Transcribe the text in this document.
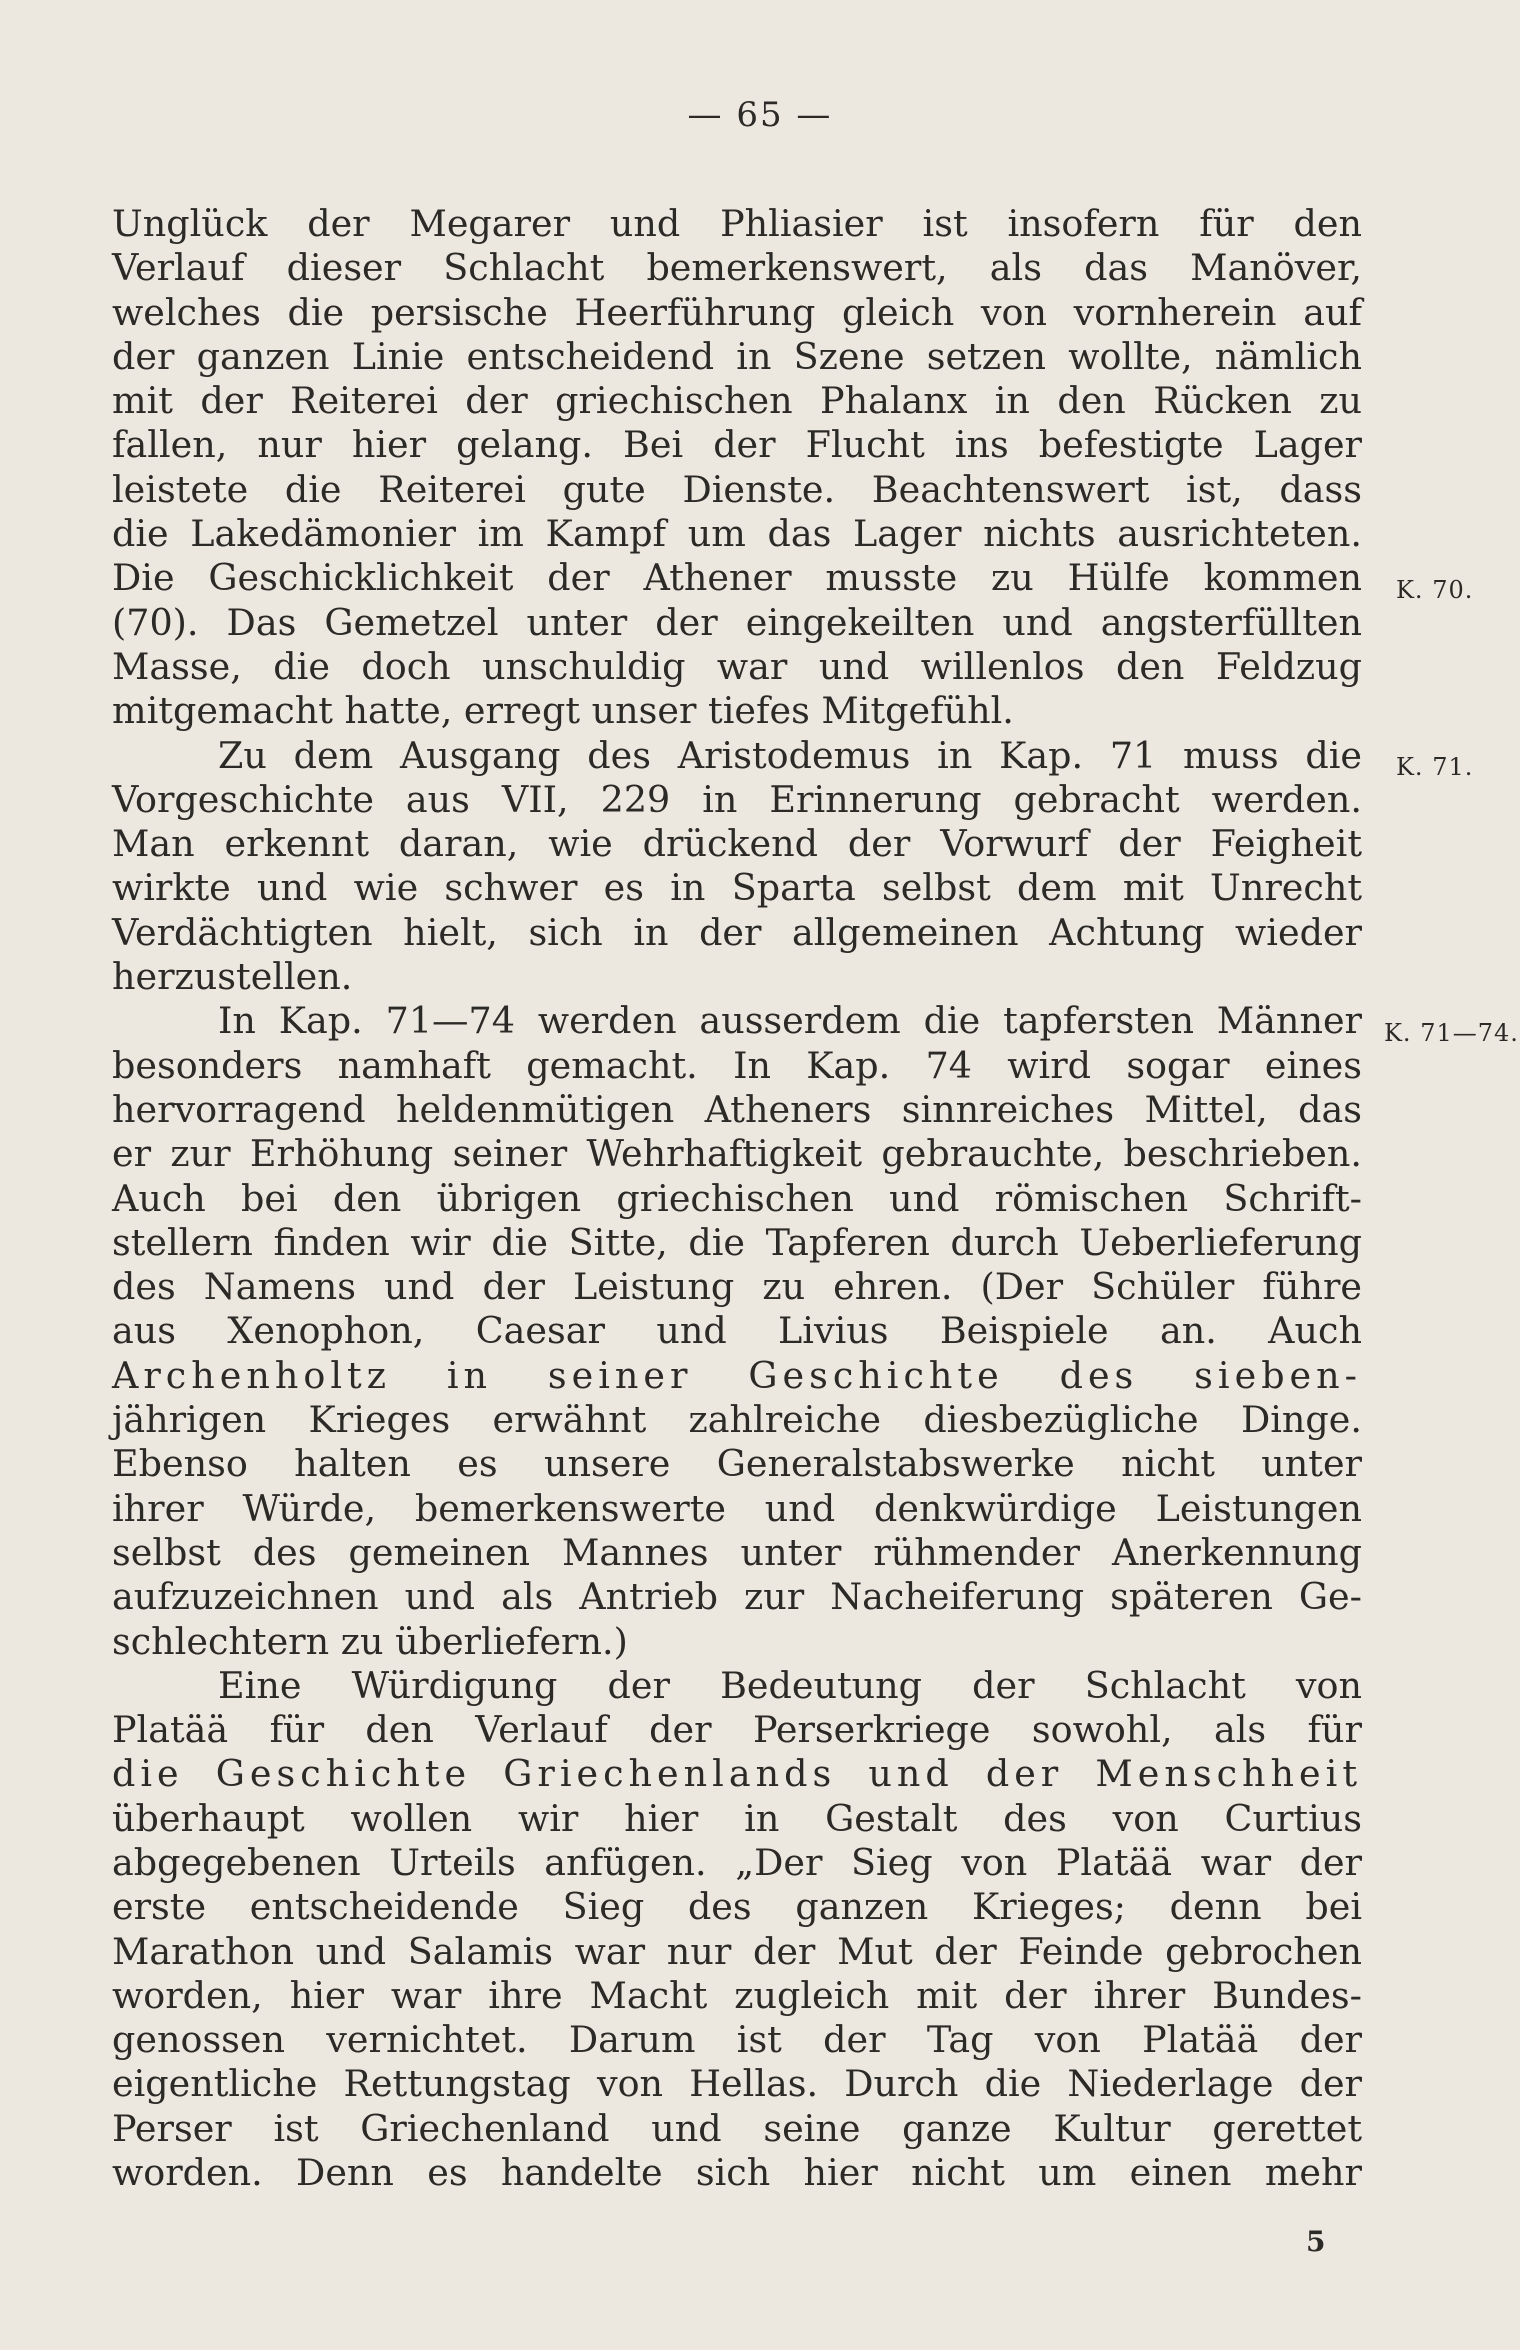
— 65 —
Unglück der Megarer und Phliasier ist insofern für den
Verlauf dieser Schlacht bemerkenswert, als das Manöver,
welches die persische Heerführung gleich von vornherein auf
der ganzen Linie entscheidend in Szene setzen wollte, nämlich
mit der Reiterei der griechischen Phalanx in den Rücken zu
fallen, nur hier gelang. Bei der Flucht ins befestigte Lager
leistete die Reiterei gute Dienste. Beachtenswert ist, dass
die Lakedämonier im Kampf um das Lager nichts ausrichteten.
Die Geschicklichkeit der Athener musste zu Hülfe kommen
(70). Das Gemetzel unter der eingekeilten und angsterfüllten
Masse, die doch unschuldig war und willenlos den Feldzug
mitgemacht hatte, erregt unser tiefes Mitgefühl.
Zu dem Ausgang des Aristodemus in Kap. 71 muss die
Vorgeschichte aus VII, 229 in Erinnerung gebracht werden.
Man erkennt daran, wie drückend der Vorwurf der Feigheit
wirkte und wie schwer es in Sparta selbst dem mit Unrecht
Verdächtigten hielt, sich in der allgemeinen Achtung wieder
herzustellen.
In Kap. 71—74 werden ausserdem die tapfersten Männer
besonders namhaft gemacht. In Kap. 74 wird sogar eines
hervorragend heldenmütigen Atheners sinnreiches Mittel, das
er zur Erhöhung seiner Wehrhaftigkeit gebrauchte, beschrieben.
Auch bei den übrigen griechischen und römischen Schrift-
stellern finden wir die Sitte, die Tapferen durch Ueberlieferung
des Namens und der Leistung zu ehren. (Der Schüler führe
aus Xenophon, Caesar und Livius Beispiele an. Auch
Archenholtz in seiner Geschichte des sieben-
jährigen Krieges erwähnt zahlreiche diesbezügliche Dinge.
Ebenso halten es unsere Generalstabswerke nicht unter
ihrer Würde, bemerkenswerte und denkwürdige Leistungen
selbst des gemeinen Mannes unter rühmender Anerkennung
aufzuzeichnen und als Antrieb zur Nacheiferung späteren Ge-
schlechtern zu überliefern.)
Eine Würdigung der Bedeutung der Schlacht von
Platää für den Verlauf der Perserkriege sowohl, als für
die Geschichte Griechenlands und der Menschheit
überhaupt wollen wir hier in Gestalt des von Curtius
abgegebenen Urteils anfügen. „Der Sieg von Platää war der
erste entscheidende Sieg des ganzen Krieges; denn bei
Marathon und Salamis war nur der Mut der Feinde gebrochen
worden, hier war ihre Macht zugleich mit der ihrer Bundes-
genossen vernichtet. Darum ist der Tag von Platää der
eigentliche Rettungstag von Hellas. Durch die Niederlage der
Perser ist Griechenland und seine ganze Kultur gerettet
worden. Denn es handelte sich hier nicht um einen mehr
K. 70.
K. 71.
K. 71—74.
5
